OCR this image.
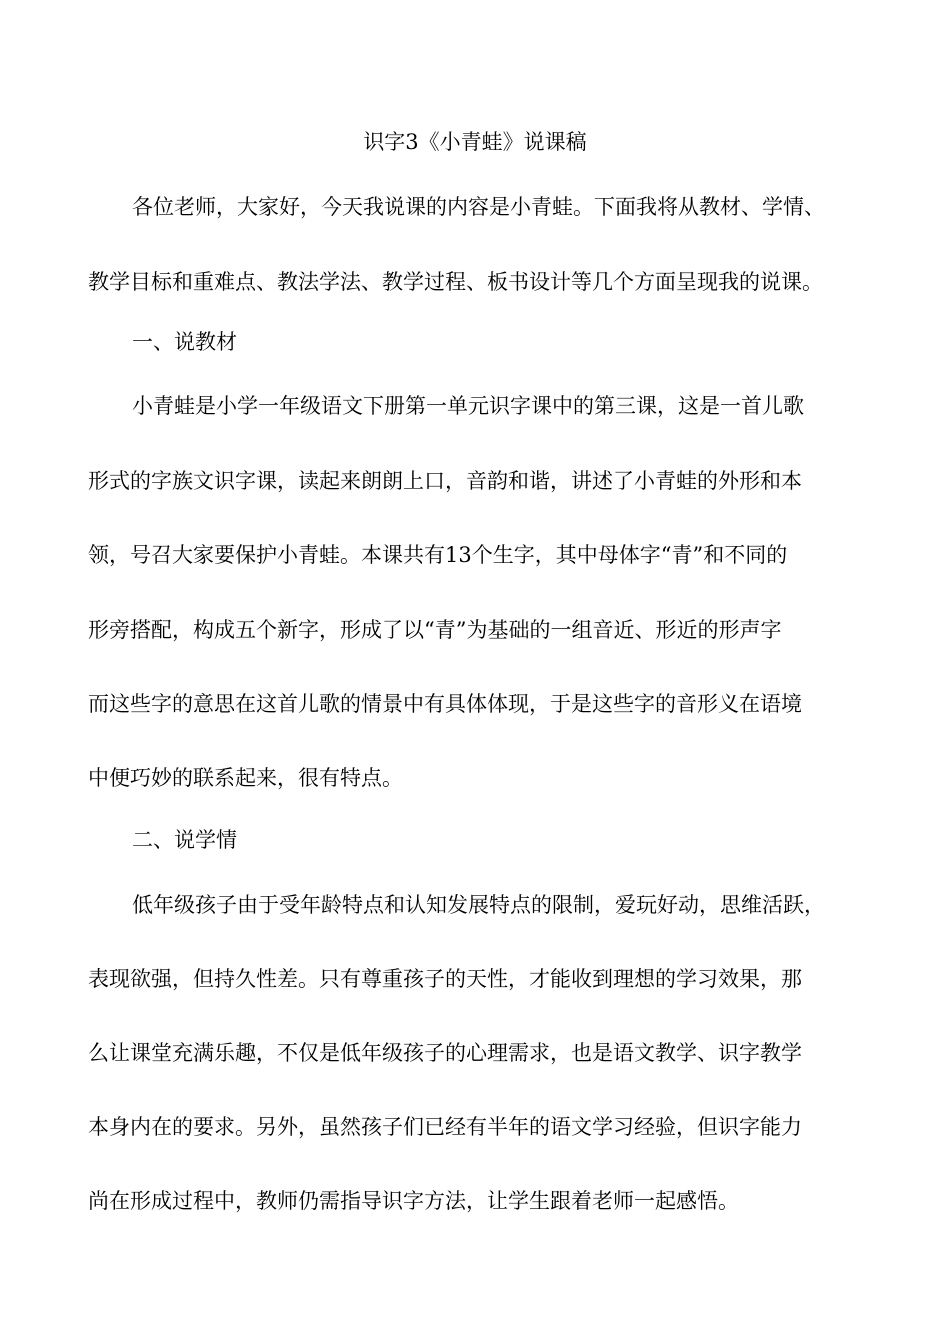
识字3《小青蛙》说课稿

各位老师，大家好，今天我说课的内容是小青蛙。下面我将从教材、学情、

教学目标和重难点、教法学法、教学过程、板书设计等几个方面呈现我的说课。

一、说教材

小青蛙是小学一年级语文下册第一单元识字课中的第三课，这是一首儿歌

形式的字族文识字课，读起来朗朗上口，音韵和谐，讲述了小青蛙的外形和本

领，号召大家要保护小青蛙。本课共有13个生字，其中母体字“青”和不同的

形旁搭配，构成五个新字，形成了以“青”为基础的一组音近、形近的形声字

而这些字的意思在这首儿歌的情景中有具体体现，于是这些字的音形义在语境

中便巧妙的联系起来，很有特点。

二、说学情

低年级孩子由于受年龄特点和认知发展特点的限制，爱玩好动，思维活跃，

表现欲强，但持久性差。只有尊重孩子的天性，才能收到理想的学习效果，那

么让课堂充满乐趣，不仅是低年级孩子的心理需求，也是语文教学、识字教学

本身内在的要求。另外，虽然孩子们已经有半年的语文学习经验，但识字能力

尚在形成过程中，教师仍需指导识字方法，让学生跟着老师一起感悟。
